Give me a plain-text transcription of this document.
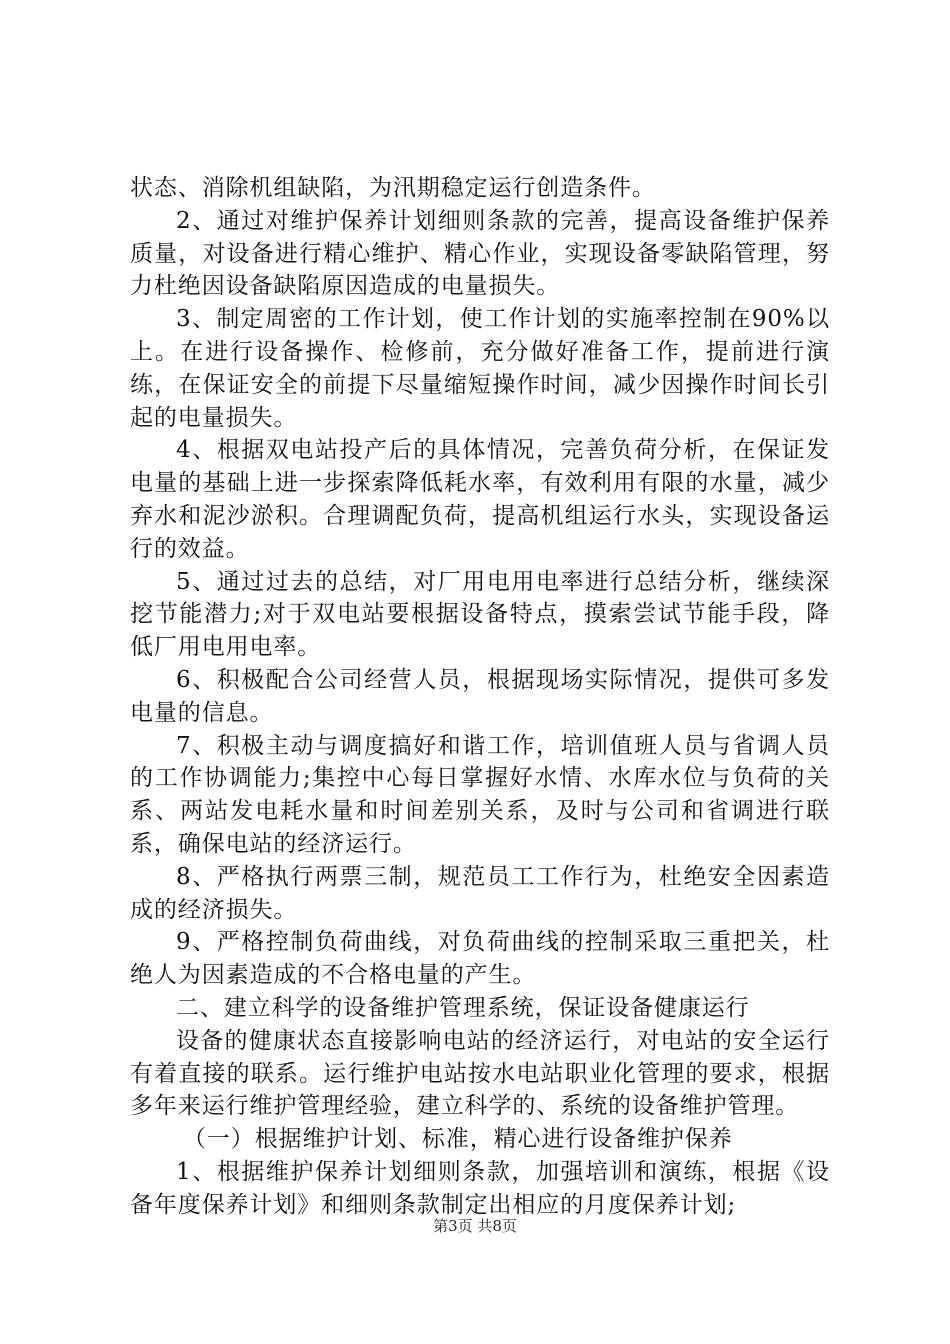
状态、消除机组缺陷，为汛期稳定运行创造条件。

2、通过对维护保养计划细则条款的完善，提高设备维护保养质量，对设备进行精心维护、精心作业，实现设备零缺陷管理，努力杜绝因设备缺陷原因造成的电量损失。

3、制定周密的工作计划，使工作计划的实施率控制在90%以上。在进行设备操作、检修前，充分做好准备工作，提前进行演练，在保证安全的前提下尽量缩短操作时间，减少因操作时间长引起的电量损失。

4、根据双电站投产后的具体情况，完善负荷分析，在保证发电量的基础上进一步探索降低耗水率，有效利用有限的水量，减少弃水和泥沙淤积。合理调配负荷，提高机组运行水头，实现设备运行的效益。

5、通过过去的总结，对厂用电用电率进行总结分析，继续深挖节能潜力;对于双电站要根据设备特点，摸索尝试节能手段，降低厂用电用电率。

6、积极配合公司经营人员，根据现场实际情况，提供可多发电量的信息。

7、积极主动与调度搞好和谐工作，培训值班人员与省调人员的工作协调能力;集控中心每日掌握好水情、水库水位与负荷的关系、两站发电耗水量和时间差别关系，及时与公司和省调进行联系，确保电站的经济运行。

8、严格执行两票三制，规范员工工作行为，杜绝安全因素造成的经济损失。

9、严格控制负荷曲线，对负荷曲线的控制采取三重把关，杜绝人为因素造成的不合格电量的产生。

二、建立科学的设备维护管理系统，保证设备健康运行

设备的健康状态直接影响电站的经济运行，对电站的安全运行有着直接的联系。运行维护电站按水电站职业化管理的要求，根据多年来运行维护管理经验，建立科学的、系统的设备维护管理。

（一）根据维护计划、标准，精心进行设备维护保养

1、根据维护保养计划细则条款，加强培训和演练，根据《设备年度保养计划》和细则条款制定出相应的月度保养计划;

第3页 共8页
